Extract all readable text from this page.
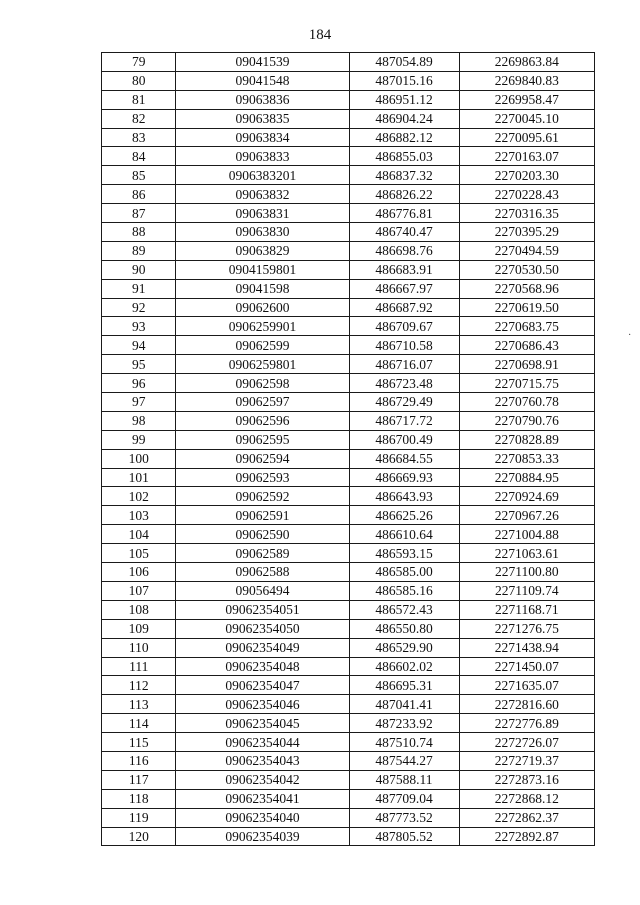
184
79	09041539	487054.89	2269863.84
80	09041548	487015.16	2269840.83
81	09063836	486951.12	2269958.47
82	09063835	486904.24	2270045.10
83	09063834	486882.12	2270095.61
84	09063833	486855.03	2270163.07
85	0906383201	486837.32	2270203.30
86	09063832	486826.22	2270228.43
87	09063831	486776.81	2270316.35
88	09063830	486740.47	2270395.29
89	09063829	486698.76	2270494.59
90	0904159801	486683.91	2270530.50
91	09041598	486667.97	2270568.96
92	09062600	486687.92	2270619.50
93	0906259901	486709.67	2270683.75
94	09062599	486710.58	2270686.43
95	0906259801	486716.07	2270698.91
96	09062598	486723.48	2270715.75
97	09062597	486729.49	2270760.78
98	09062596	486717.72	2270790.76
99	09062595	486700.49	2270828.89
100	09062594	486684.55	2270853.33
101	09062593	486669.93	2270884.95
102	09062592	486643.93	2270924.69
103	09062591	486625.26	2270967.26
104	09062590	486610.64	2271004.88
105	09062589	486593.15	2271063.61
106	09062588	486585.00	2271100.80
107	09056494	486585.16	2271109.74
108	09062354051	486572.43	2271168.71
109	09062354050	486550.80	2271276.75
110	09062354049	486529.90	2271438.94
111	09062354048	486602.02	2271450.07
112	09062354047	486695.31	2271635.07
113	09062354046	487041.41	2272816.60
114	09062354045	487233.92	2272776.89
115	09062354044	487510.74	2272726.07
116	09062354043	487544.27	2272719.37
117	09062354042	487588.11	2272873.16
118	09062354041	487709.04	2272868.12
119	09062354040	487773.52	2272862.37
120	09062354039	487805.52	2272892.87
·
